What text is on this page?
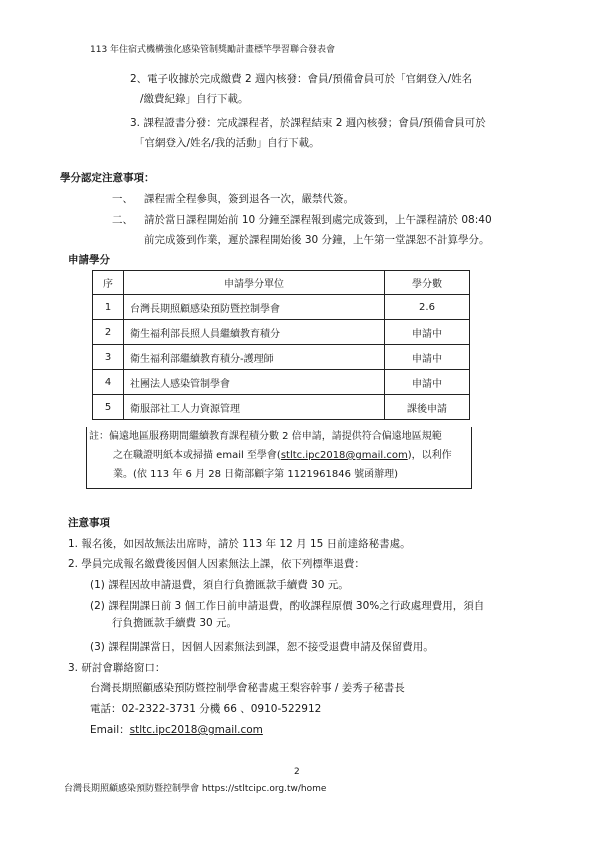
113 年住宿式機構強化感染管制獎勵計畫標竿學習聯合發表會
2、電子收據於完成繳費 2 週內核發：會員/預備會員可於「官網登入/姓名
/繳費紀錄」自行下載。
3. 課程證書分發：完成課程者，於課程結束 2 週內核發；會員/預備會員可於
「官網登入/姓名/我的活動」自行下載。
學分認定注意事項：
一、 課程需全程參與，簽到退各一次，嚴禁代簽。
二、 請於當日課程開始前 10 分鐘至課程報到處完成簽到，上午課程請於 08:40
前完成簽到作業，遲於課程開始後 30 分鐘，上午第一堂課恕不計算學分。
申請學分
序	申請學分單位	學分數
1	台灣長期照顧感染預防暨控制學會	2.6
2	衛生福利部長照人員繼續教育積分	申請中
3	衛生福利部繼續教育積分-護理師	申請中
4	社團法人感染管制學會	申請中
5	衛服部社工人力資源管理	課後申請
註：偏遠地區服務期間繼續教育課程積分數 2 倍申請，請提供符合偏遠地區規範
之在職證明紙本或掃描 email 至學會(stltc.ipc2018@gmail.com)，以利作
業。(依 113 年 6 月 28 日衛部顧字第 1121961846 號函辦理)
注意事項
1. 報名後，如因故無法出席時，請於 113 年 12 月 15 日前達絡秘書處。
2. 學員完成報名繳費後因個人因素無法上課，依下列標準退費：
(1) 課程因故申請退費，須自行負擔匯款手續費 30 元。
(2) 課程開課日前 3 個工作日前申請退費，酌收課程原價 30%之行政處理費用，須自
行負擔匯款手續費 30 元。
(3) 課程開課當日，因個人因素無法到課，恕不接受退費申請及保留費用。
3. 研討會聯絡窗口：
台灣長期照顧感染預防暨控制學會秘書處王梨容幹事 / 姜秀子秘書長
電話：02-2322-3731 分機 66 、0910-522912
Email：stltc.ipc2018@gmail.com
2
台灣長期照顧感染預防暨控制學會 https://stltcipc.org.tw/home
